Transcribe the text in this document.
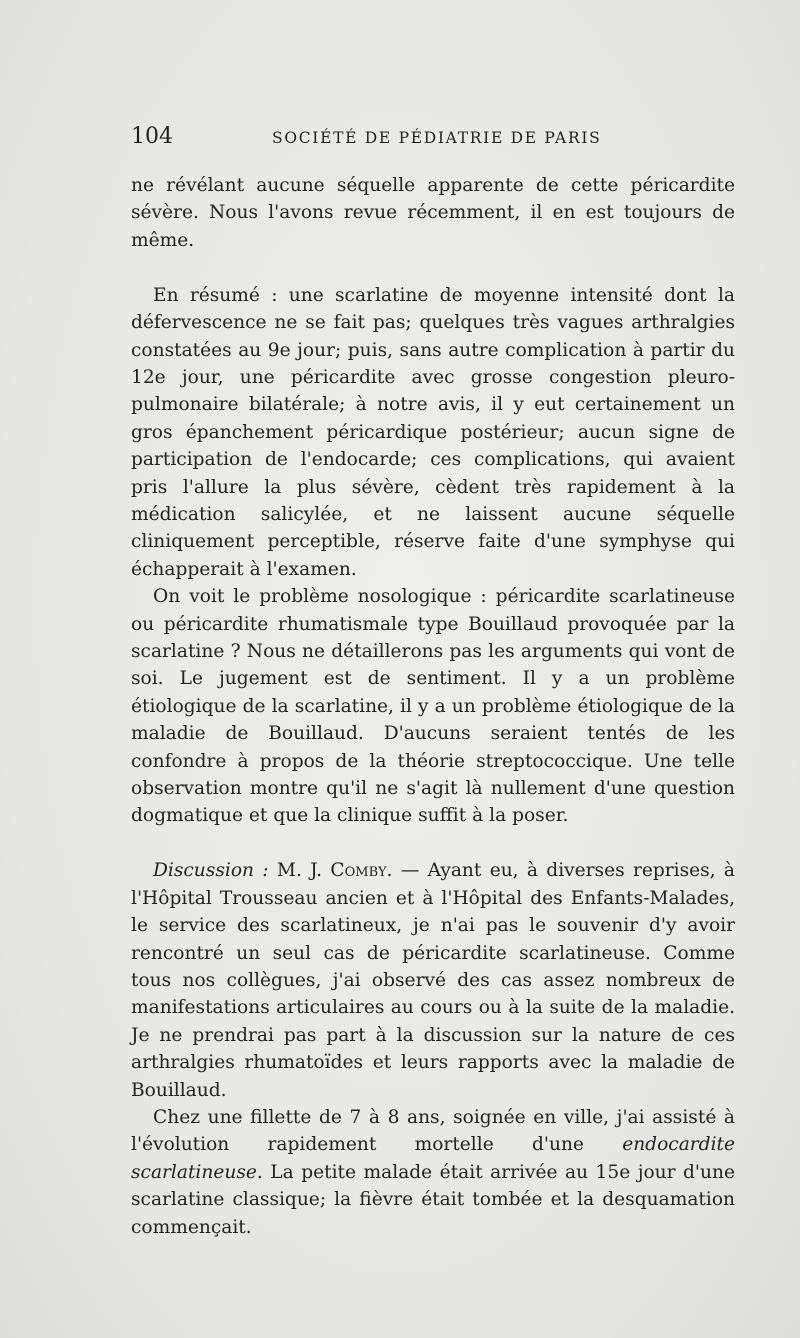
104	SOCIÉTÉ DE PÉDIATRIE DE PARIS

ne révélant aucune séquelle apparente de cette péricardite sévère. Nous l'avons revue récemment, il en est toujours de même.

En résumé : une scarlatine de moyenne intensité dont la défervescence ne se fait pas; quelques très vagues arthralgies constatées au 9e jour; puis, sans autre complication à partir du 12e jour, une péricardite avec grosse congestion pleuro-pulmonaire bilatérale; à notre avis, il y eut certainement un gros épanchement péricardique postérieur; aucun signe de participation de l'endocarde; ces complications, qui avaient pris l'allure la plus sévère, cèdent très rapidement à la médication salicylée, et ne laissent aucune séquelle cliniquement perceptible, réserve faite d'une symphyse qui échapperait à l'examen.

On voit le problème nosologique : péricardite scarlatineuse ou péricardite rhumatismale type Bouillaud provoquée par la scarlatine ? Nous ne détaillerons pas les arguments qui vont de soi. Le jugement est de sentiment. Il y a un problème étiologique de la scarlatine, il y a un problème étiologique de la maladie de Bouillaud. D'aucuns seraient tentés de les confondre à propos de la théorie streptococcique. Une telle observation montre qu'il ne s'agit là nullement d'une question dogmatique et que la clinique suffit à la poser.

Discussion : M. J. Comby. — Ayant eu, à diverses reprises, à l'Hôpital Trousseau ancien et à l'Hôpital des Enfants-Malades, le service des scarlatineux, je n'ai pas le souvenir d'y avoir rencontré un seul cas de péricardite scarlatineuse. Comme tous nos collègues, j'ai observé des cas assez nombreux de manifestations articulaires au cours ou à la suite de la maladie. Je ne prendrai pas part à la discussion sur la nature de ces arthralgies rhumatoïdes et leurs rapports avec la maladie de Bouillaud.

Chez une fillette de 7 à 8 ans, soignée en ville, j'ai assisté à l'évolution rapidement mortelle d'une endocardite scarlatineuse. La petite malade était arrivée au 15e jour d'une scarlatine classique; la fièvre était tombée et la desquamation commençait.
